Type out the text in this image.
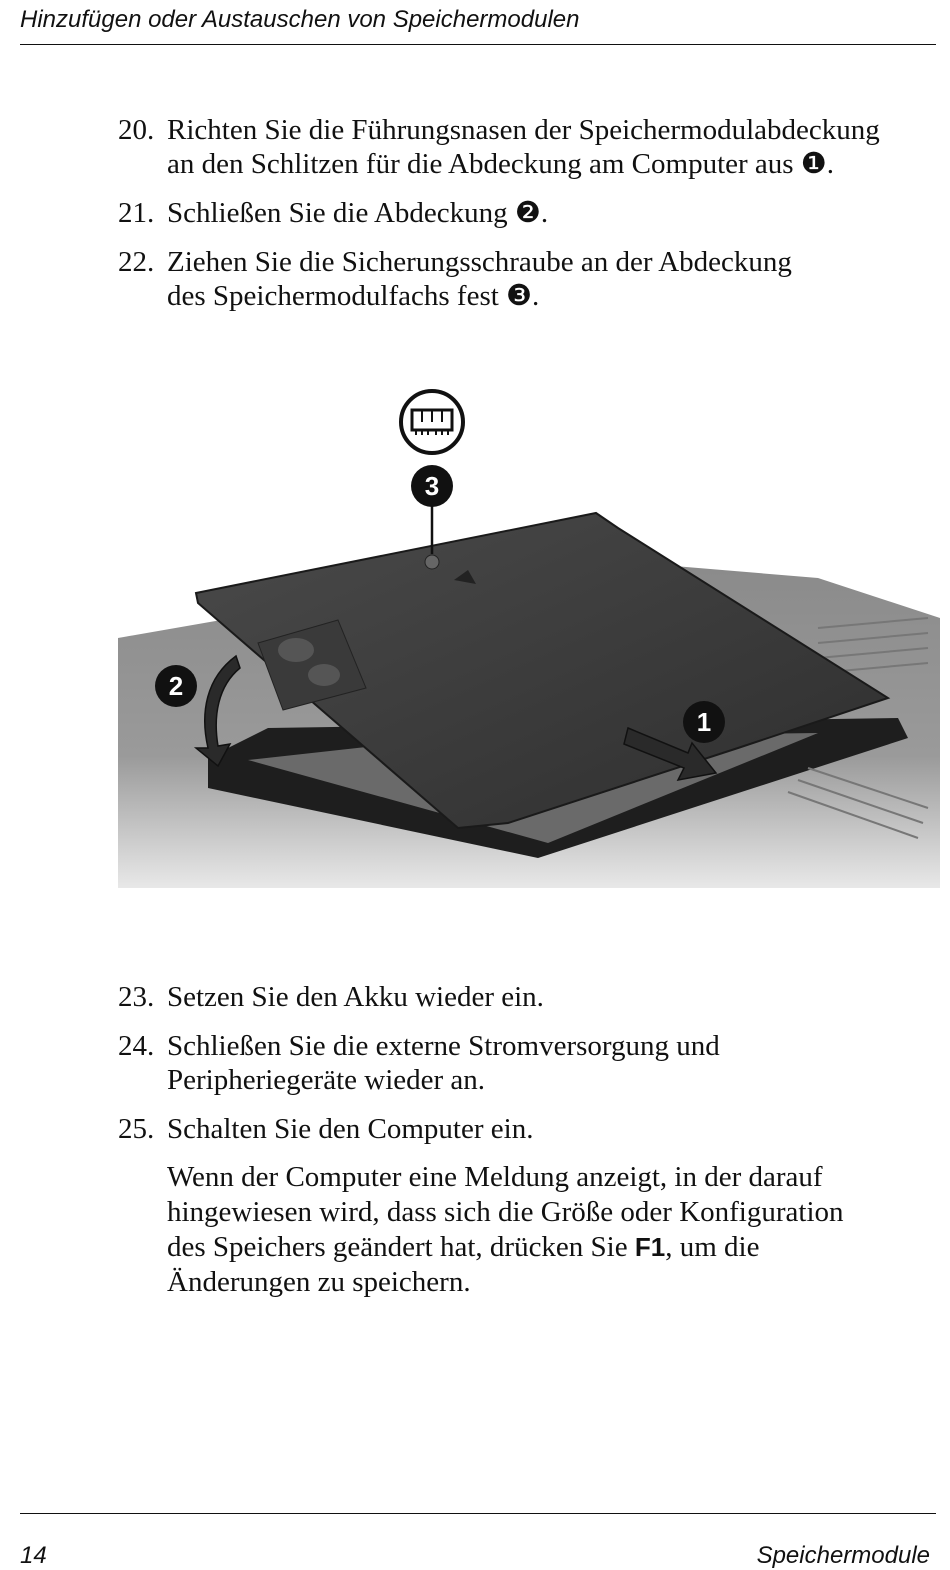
Hinzufügen oder Austauschen von Speichermodulen
20. Richten Sie die Führungsnasen der Speichermodulabdeckung
an den Schlitzen für die Abdeckung am Computer aus ❶.
21. Schließen Sie die Abdeckung ❷.
22. Ziehen Sie die Sicherungsschraube an der Abdeckung
des Speichermodulfachs fest ❸.
3
2
1
23. Setzen Sie den Akku wieder ein.
24. Schließen Sie die externe Stromversorgung und
Peripheriegeräte wieder an.
25. Schalten Sie den Computer ein.
Wenn der Computer eine Meldung anzeigt, in der darauf
hingewiesen wird, dass sich die Größe oder Konfiguration
des Speichers geändert hat, drücken Sie F1, um die
Änderungen zu speichern.
14	Speichermodule
